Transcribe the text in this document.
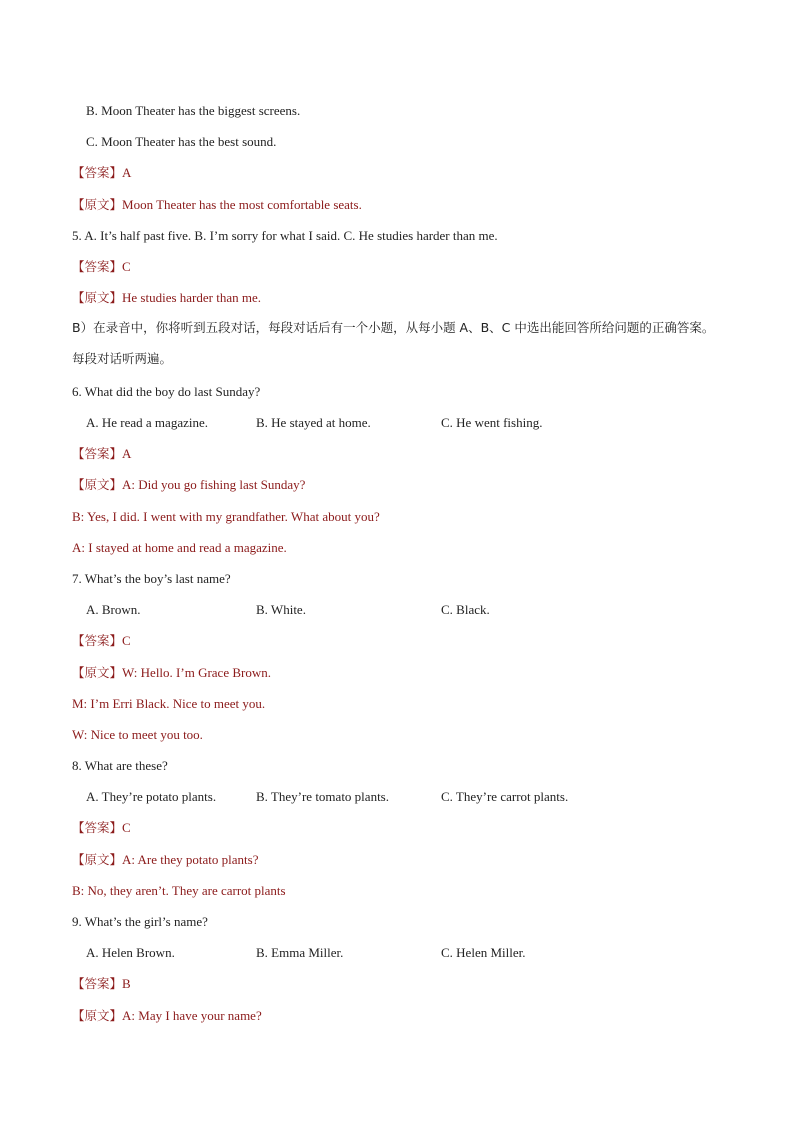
B. Moon Theater has the biggest screens.
C. Moon Theater has the best sound.
【答案】A
【原文】Moon Theater has the most comfortable seats.
5. A. It’s half past five. B. I’m sorry for what I said. C. He studies harder than me.
【答案】C
【原文】He studies harder than me.
B）在录音中，你将听到五段对话，每段对话后有一个小题，从每小题 A、B、C 中选出能回答所给问题的正确答案。每段对话听两遍。
6. What did the boy do last Sunday?
A. He read a magazine.	B. He stayed at home.	C. He went fishing.
【答案】A
【原文】A: Did you go fishing last Sunday?
B: Yes, I did. I went with my grandfather. What about you?
A: I stayed at home and read a magazine.
7. What’s the boy’s last name?
A. Brown.	B. White.	C. Black.
【答案】C
【原文】W: Hello. I’m Grace Brown.
M: I’m Erri Black. Nice to meet you.
W: Nice to meet you too.
8. What are these?
A. They’re potato plants.	B. They’re tomato plants.	C. They’re carrot plants.
【答案】C
【原文】A: Are they potato plants?
B: No, they aren’t. They are carrot plants
9. What’s the girl’s name?
A. Helen Brown.	B. Emma Miller.	C. Helen Miller.
【答案】B
【原文】A: May I have your name?
